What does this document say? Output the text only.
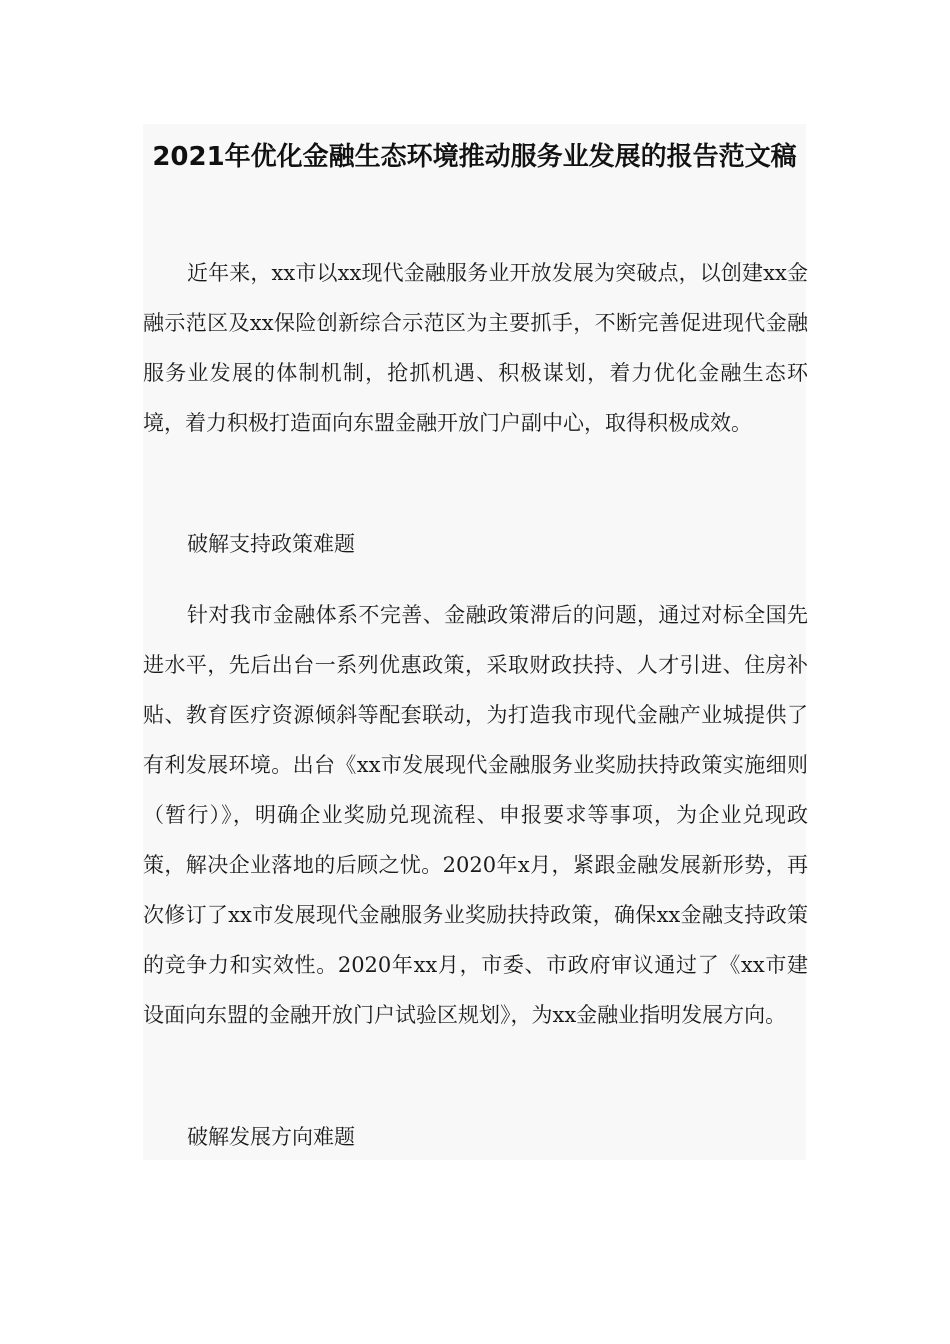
2021年优化金融生态环境推动服务业发展的报告范文稿

近年来，xx市以xx现代金融服务业开放发展为突破点，以创建xx金融示范区及xx保险创新综合示范区为主要抓手，不断完善促进现代金融服务业发展的体制机制，抢抓机遇、积极谋划，着力优化金融生态环境，着力积极打造面向东盟金融开放门户副中心，取得积极成效。

破解支持政策难题

针对我市金融体系不完善、金融政策滞后的问题，通过对标全国先进水平，先后出台一系列优惠政策，采取财政扶持、人才引进、住房补贴、教育医疗资源倾斜等配套联动，为打造我市现代金融产业城提供了有利发展环境。出台《xx市发展现代金融服务业奖励扶持政策实施细则（暂行）》，明确企业奖励兑现流程、申报要求等事项，为企业兑现政策，解决企业落地的后顾之忧。2020年x月，紧跟金融发展新形势，再次修订了xx市发展现代金融服务业奖励扶持政策，确保xx金融支持政策的竞争力和实效性。2020年xx月，市委、市政府审议通过了《xx市建设面向东盟的金融开放门户试验区规划》，为xx金融业指明发展方向。

破解发展方向难题
